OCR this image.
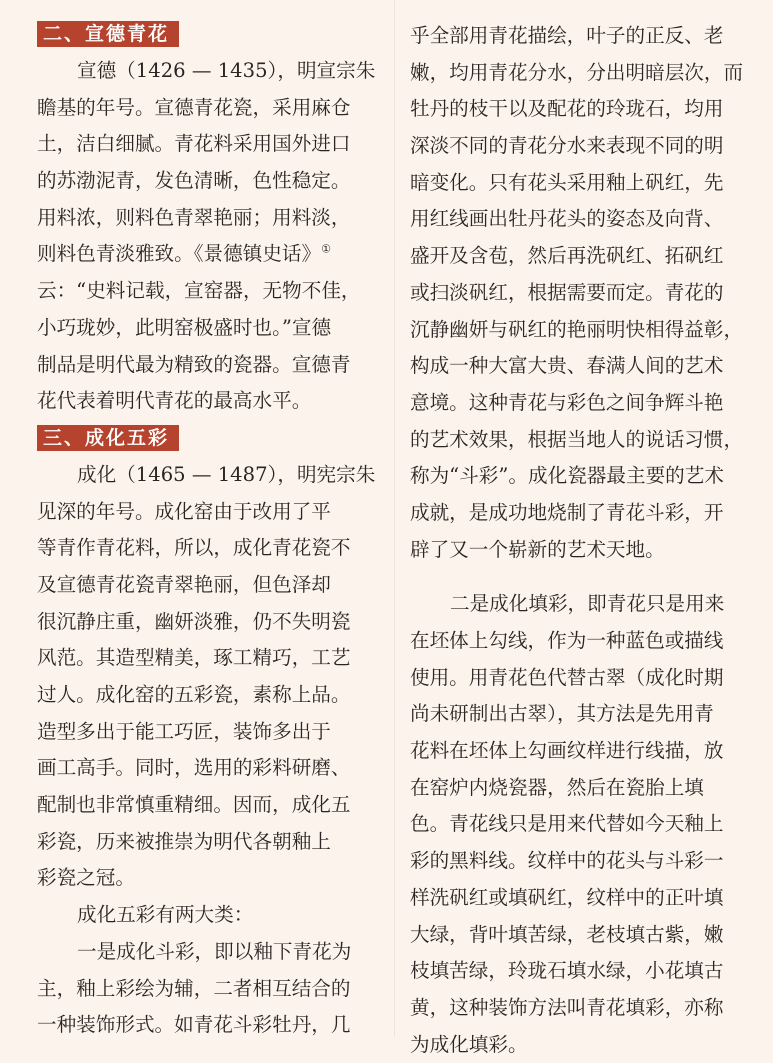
二、宣德青花
宣德（1426 — 1435），明宣宗朱
瞻基的年号。宣德青花瓷，采用麻仓
土，洁白细腻。青花料采用国外进口
的苏渤泥青，发色清晰，色性稳定。
用料浓，则料色青翠艳丽；用料淡，
则料色青淡雅致。《景德镇史话》①
云：“史料记载，宣窑器，无物不佳，
小巧珑妙，此明窑极盛时也。”宣德
制品是明代最为精致的瓷器。宣德青
花代表着明代青花的最高水平。
三、成化五彩
成化（1465 — 1487），明宪宗朱
见深的年号。成化窑由于改用了平
等青作青花料，所以，成化青花瓷不
及宣德青花瓷青翠艳丽，但色泽却
很沉静庄重，幽妍淡雅，仍不失明瓷
风范。其造型精美，琢工精巧，工艺
过人。成化窑的五彩瓷，素称上品。
造型多出于能工巧匠，装饰多出于
画工高手。同时，选用的彩料研磨、
配制也非常慎重精细。因而，成化五
彩瓷，历来被推崇为明代各朝釉上
彩瓷之冠。
成化五彩有两大类：
一是成化斗彩，即以釉下青花为
主，釉上彩绘为辅，二者相互结合的
一种装饰形式。如青花斗彩牡丹，几
乎全部用青花描绘，叶子的正反、老
嫩，均用青花分水，分出明暗层次，而
牡丹的枝干以及配花的玲珑石，均用
深淡不同的青花分水来表现不同的明
暗变化。只有花头采用釉上矾红，先
用红线画出牡丹花头的姿态及向背、
盛开及含苞，然后再洗矾红、拓矾红
或扫淡矾红，根据需要而定。青花的
沉静幽妍与矾红的艳丽明快相得益彰，
构成一种大富大贵、春满人间的艺术
意境。这种青花与彩色之间争辉斗艳
的艺术效果，根据当地人的说话习惯，
称为“斗彩”。成化瓷器最主要的艺术
成就，是成功地烧制了青花斗彩，开
辟了又一个崭新的艺术天地。
二是成化填彩，即青花只是用来
在坯体上勾线，作为一种蓝色或描线
使用。用青花色代替古翠（成化时期
尚未研制出古翠），其方法是先用青
花料在坯体上勾画纹样进行线描，放
在窑炉内烧瓷器，然后在瓷胎上填
色。青花线只是用来代替如今天釉上
彩的黑料线。纹样中的花头与斗彩一
样洗矾红或填矾红，纹样中的正叶填
大绿，背叶填苦绿，老枝填古紫，嫩
枝填苦绿，玲珑石填水绿，小花填古
黄，这种装饰方法叫青花填彩，亦称
为成化填彩。
